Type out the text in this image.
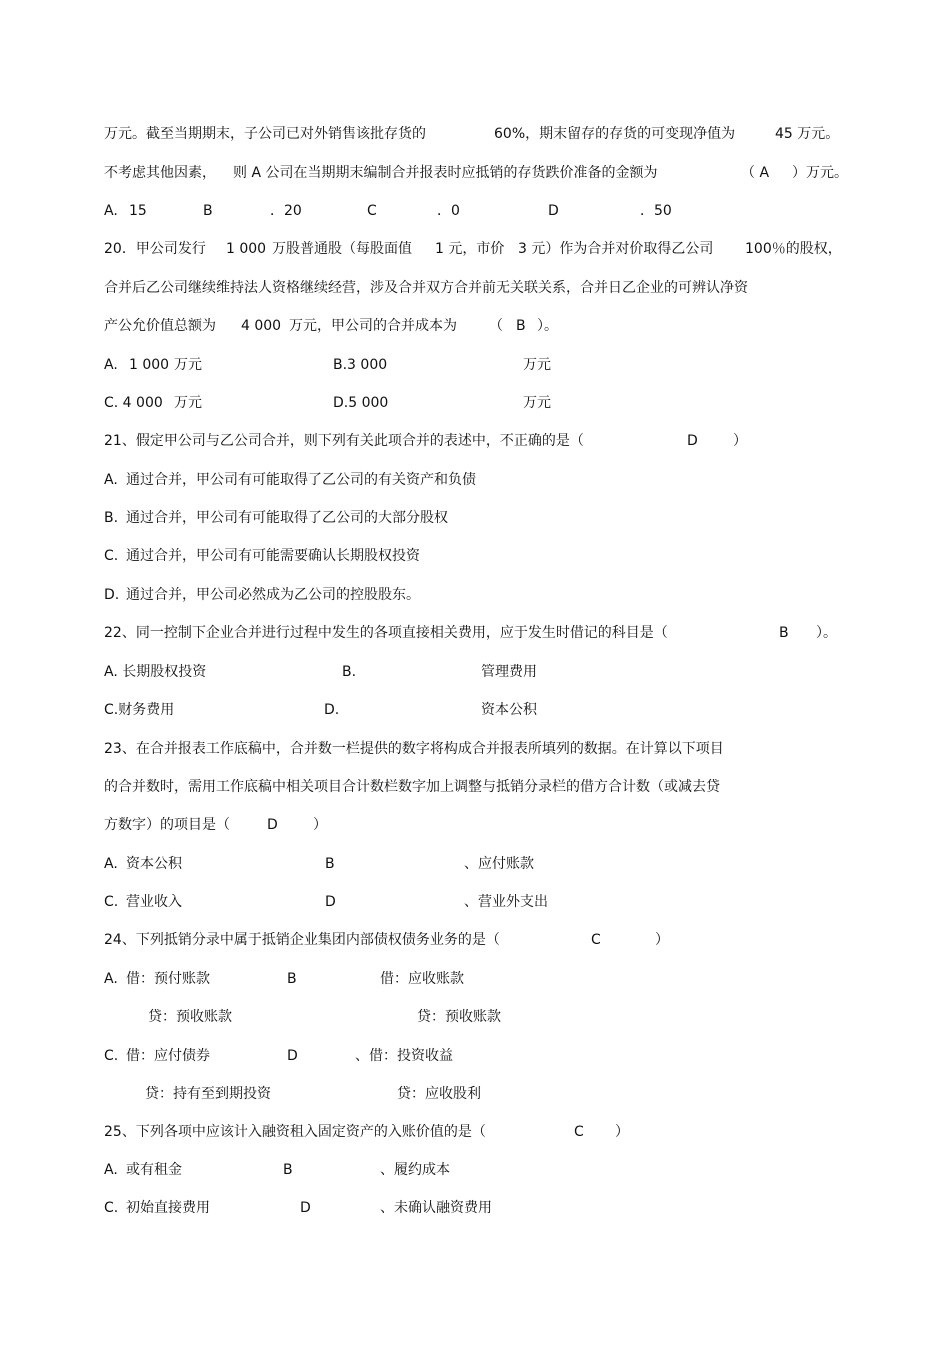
万元。截至当期期末，子公司已对外销售该批存货的	60%，期末留存的存货的可变现净值为	45 万元。
不考虑其他因素， 则 A 公司在当期期末编制合并报表时应抵销的存货跌价准备的金额为	（ A ）万元。
A. 15	B	．20	C	．0	D	．50
20．甲公司发行 1 000 万股普通股（每股面值 1 元，市价 3 元）作为合并对价取得乙公司 100％的股权，
合并后乙公司继续维持法人资格继续经营，涉及合并双方合并前无关联关系，合并日乙企业的可辨认净资
产公允价值总额为 4 000 万元，甲公司的合并成本为 （ B ）。
A. 1 000 万元	B.3 000	万元
C. 4 000 万元	D.5 000	万元
21、假定甲公司与乙公司合并，则下列有关此项合并的表述中，不正确的是（	D	）
A. 通过合并，甲公司有可能取得了乙公司的有关资产和负债
B. 通过合并，甲公司有可能取得了乙公司的大部分股权
C. 通过合并，甲公司有可能需要确认长期股权投资
D. 通过合并，甲公司必然成为乙公司的控股股东。
22、同一控制下企业合并进行过程中发生的各项直接相关费用，应于发生时借记的科目是（	B ）。
A. 长期股权投资	B.	管理费用
C.财务费用	D.	资本公积
23、在合并报表工作底稿中，合并数一栏提供的数字将构成合并报表所填列的数据。在计算以下项目
的合并数时，需用工作底稿中相关项目合计数栏数字加上调整与抵销分录栏的借方合计数（或减去贷
方数字）的项目是（	D	）
A. 资本公积	B	、应付账款
C. 营业收入	D	、营业外支出
24、下列抵销分录中属于抵销企业集团内部债权债务业务的是（	C	）
A. 借：预付账款	B	借：应收账款
贷：预收账款	贷：预收账款
C. 借：应付债券	D	、借：投资收益
贷：持有至到期投资	贷：应收股利
25、下列各项中应该计入融资租入固定资产的入账价值的是（	C ）
A. 或有租金	B	、履约成本
C. 初始直接费用	D	、未确认融资费用
